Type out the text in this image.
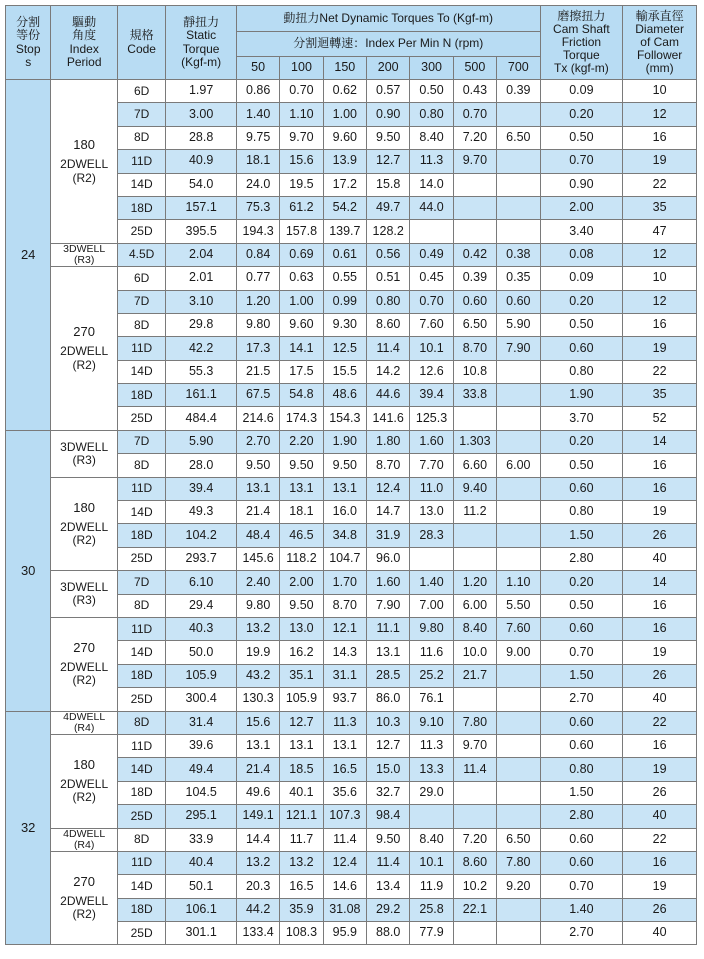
分割
等份
Stop
s	驅動
角度
Index
Period	規格
Code	靜扭力
Static
Torque
(Kgf-m)	動扭力Net Dynamic Torques To (Kgf-m)							磨擦扭力
Cam Shaft
Friction
Torque
Tx (kgf-m)	輸承直徑
Diameter
of Cam
Follower
(mm)

				分割迴轉速：Index Per Min N (rpm)								
				50	100	150	200	300	500	700		
24	180
2DWELL
(R2)	6D	1.97	0.86	0.70	0.62	0.57	0.50	0.43	0.39	0.09	10
		7D	3.00	1.40	1.10	1.00	0.90	0.80	0.70		0.20	12
		8D	28.8	9.75	9.70	9.60	9.50	8.40	7.20	6.50	0.50	16
		11D	40.9	18.1	15.6	13.9	12.7	11.3	9.70		0.70	19
		14D	54.0	24.0	19.5	17.2	15.8	14.0			0.90	22
		18D	157.1	75.3	61.2	54.2	49.7	44.0			2.00	35
		25D	395.5	194.3	157.8	139.7	128.2				3.40	47

	3DWELL
(R3)	4.5D	2.04	0.84	0.69	0.61	0.56	0.49	0.42	0.38	0.08	12

	270
2DWELL
(R2)	6D	2.01	0.77	0.63	0.55	0.51	0.45	0.39	0.35	0.09	10
		7D	3.10	1.20	1.00	0.99	0.80	0.70	0.60	0.60	0.20	12
		8D	29.8	9.80	9.60	9.30	8.60	7.60	6.50	5.90	0.50	16
		11D	42.2	17.3	14.1	12.5	11.4	10.1	8.70	7.90	0.60	19
		14D	55.3	21.5	17.5	15.5	14.2	12.6	10.8		0.80	22
		18D	161.1	67.5	54.8	48.6	44.6	39.4	33.8		1.90	35
		25D	484.4	214.6	174.3	154.3	141.6	125.3			3.70	52
30	3DWELL
(R3)	7D	5.90	2.70	2.20	1.90	1.80	1.60	1.303		0.20	14
		8D	28.0	9.50	9.50	9.50	8.70	7.70	6.60	6.00	0.50	16

	180
2DWELL
(R2)	11D	39.4	13.1	13.1	13.1	12.4	11.0	9.40		0.60	16
		14D	49.3	21.4	18.1	16.0	14.7	13.0	11.2		0.80	19
		18D	104.2	48.4	46.5	34.8	31.9	28.3			1.50	26
		25D	293.7	145.6	118.2	104.7	96.0				2.80	40

	3DWELL
(R3)	7D	6.10	2.40	2.00	1.70	1.60	1.40	1.20	1.10	0.20	14
		8D	29.4	9.80	9.50	8.70	7.90	7.00	6.00	5.50	0.50	16

	270
2DWELL
(R2)	11D	40.3	13.2	13.0	12.1	11.1	9.80	8.40	7.60	0.60	16
		14D	50.0	19.9	16.2	14.3	13.1	11.6	10.0	9.00	0.70	19
		18D	105.9	43.2	35.1	31.1	28.5	25.2	21.7		1.50	26
		25D	300.4	130.3	105.9	93.7	86.0	76.1			2.70	40
32	4DWELL
(R4)	8D	31.4	15.6	12.7	11.3	10.3	9.10	7.80		0.60	22

	180
2DWELL
(R2)	11D	39.6	13.1	13.1	13.1	12.7	11.3	9.70		0.60	16
		14D	49.4	21.4	18.5	16.5	15.0	13.3	11.4		0.80	19
		18D	104.5	49.6	40.1	35.6	32.7	29.0			1.50	26
		25D	295.1	149.1	121.1	107.3	98.4				2.80	40

	4DWELL
(R4)	8D	33.9	14.4	11.7	11.4	9.50	8.40	7.20	6.50	0.60	22

	270
2DWELL
(R2)	11D	40.4	13.2	13.2	12.4	11.4	10.1	8.60	7.80	0.60	16
		14D	50.1	20.3	16.5	14.6	13.4	11.9	10.2	9.20	0.70	19
		18D	106.1	44.2	35.9	31.08	29.2	25.8	22.1		1.40	26
		25D	301.1	133.4	108.3	95.9	88.0	77.9			2.70	40
